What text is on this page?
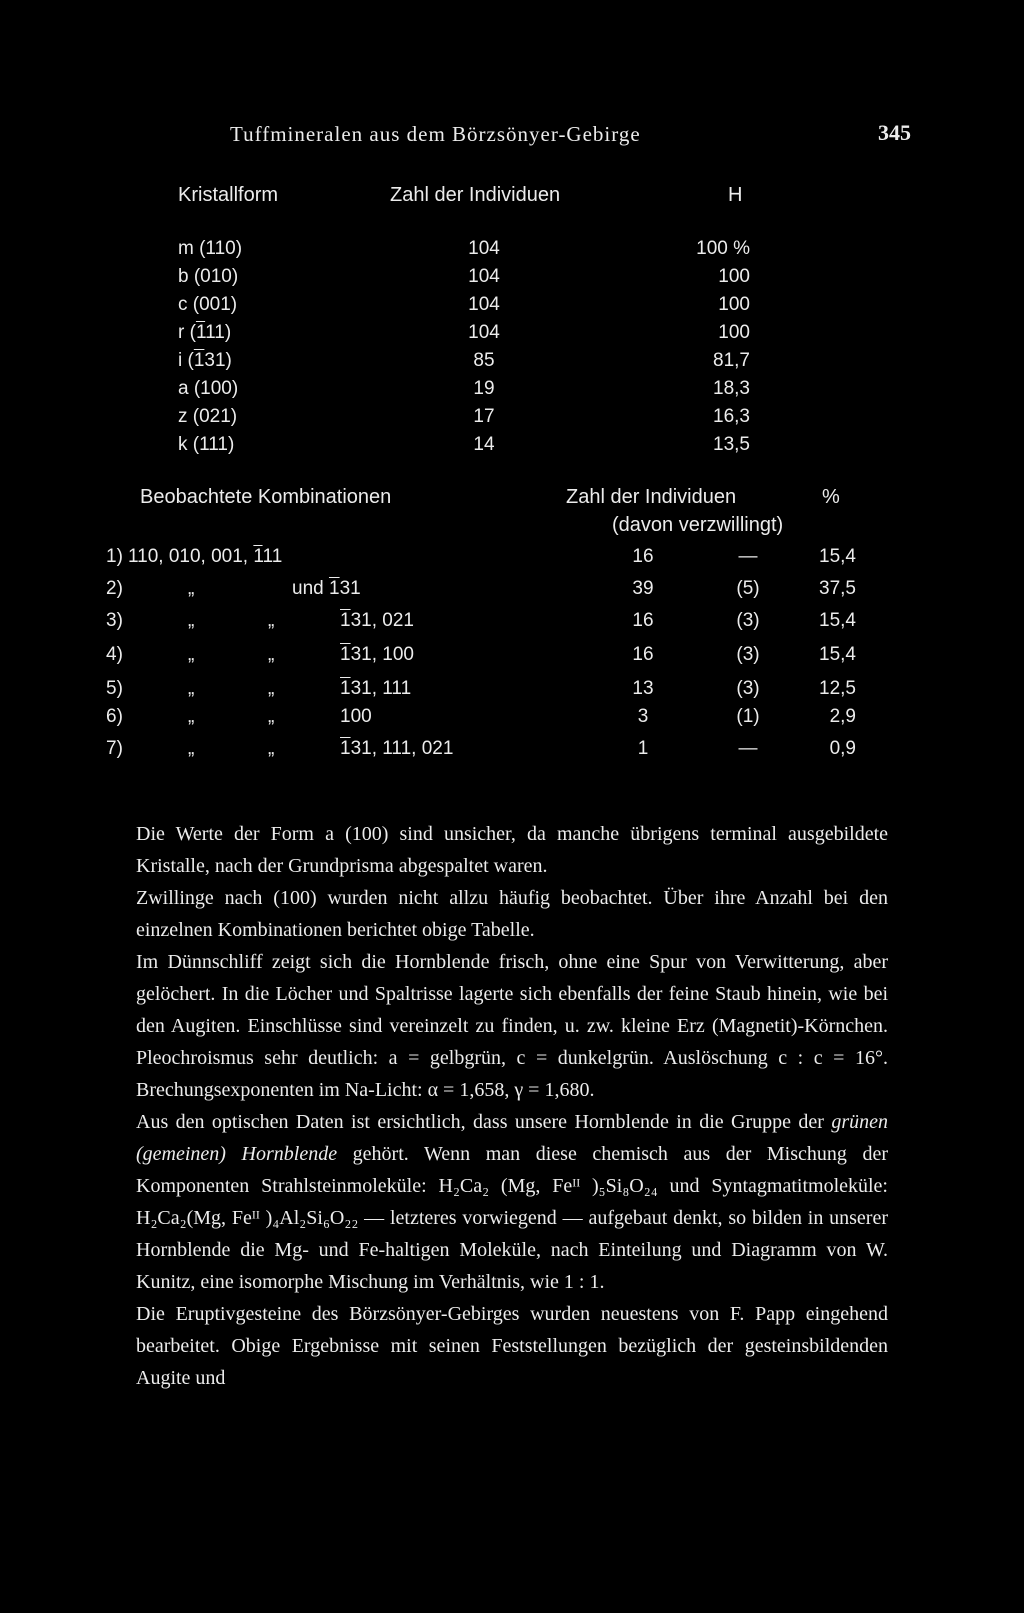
Tuffmineralen aus dem Börzsönyer-Gebirge	345
Kristallform	Zahl der Individuen	H
m (110)	104	100 %
b (010)	104	100
c (001)	104	100
r (111)	104	100
i (131)	85	81,7
a (100)	19	18,3
z (021)	17	16,3
k (111)	14	13,5
Beobachtete Kombinationen	Zahl der Individuen	%
(davon verzwillingt)
1) 110, 010, 001, 111	16	—	15,4
2)	„	und 131	39	(5)	37,5
3)	„	„	131, 021	16	(3)	15,4
4)	„	„	131, 100	16	(3)	15,4
5)	„	„	131, 111	13	(3)	12,5
6)	„	„	100	3	(1)	2,9
7)	„	„	131, 111, 021	1	—	0,9

Die Werte der Form a (100) sind unsicher, da manche übrigens terminal ausgebildete Kristalle, nach der Grundprisma abgespaltet waren.

Zwillinge nach (100) wurden nicht allzu häufig beobachtet. Über ihre Anzahl bei den einzelnen Kombinationen berichtet obige Tabelle.

Im Dünnschliff zeigt sich die Hornblende frisch, ohne eine Spur von Verwitterung, aber gelöchert. In die Löcher und Spaltrisse lagerte sich ebenfalls der feine Staub hinein, wie bei den Augiten. Einschlüsse sind vereinzelt zu finden, u. zw. kleine Erz (Magnetit)-Körnchen. Pleochroismus sehr deutlich: a = gelbgrün, c = dunkelgrün. Auslöschung c : c = 16°. Brechungsexponenten im Na-Licht: α = 1,658, γ = 1,680.

Aus den optischen Daten ist ersichtlich, dass unsere Hornblende in die Gruppe der grünen (gemeinen) Hornblende gehört. Wenn man diese chemisch aus der Mischung der Komponenten Strahlsteinmoleküle: H₂Ca₂ (Mg, Feᴵᴵ )₅Si₈O₂₄ und Syntagmatitmoleküle: H₂Ca₂(Mg, Feᴵᴵ )₄Al₂Si₆O₂₂ — letzteres vorwiegend — aufgebaut denkt, so bilden in unserer Hornblende die Mg- und Fe-haltigen Moleküle, nach Einteilung und Diagramm von W. Kunitz, eine isomorphe Mischung im Verhältnis, wie 1 : 1.

Die Eruptivgesteine des Börzsönyer-Gebirges wurden neuestens von F. Papp eingehend bearbeitet. Obige Ergebnisse mit seinen Feststellungen bezüglich der gesteinsbildenden Augite und
